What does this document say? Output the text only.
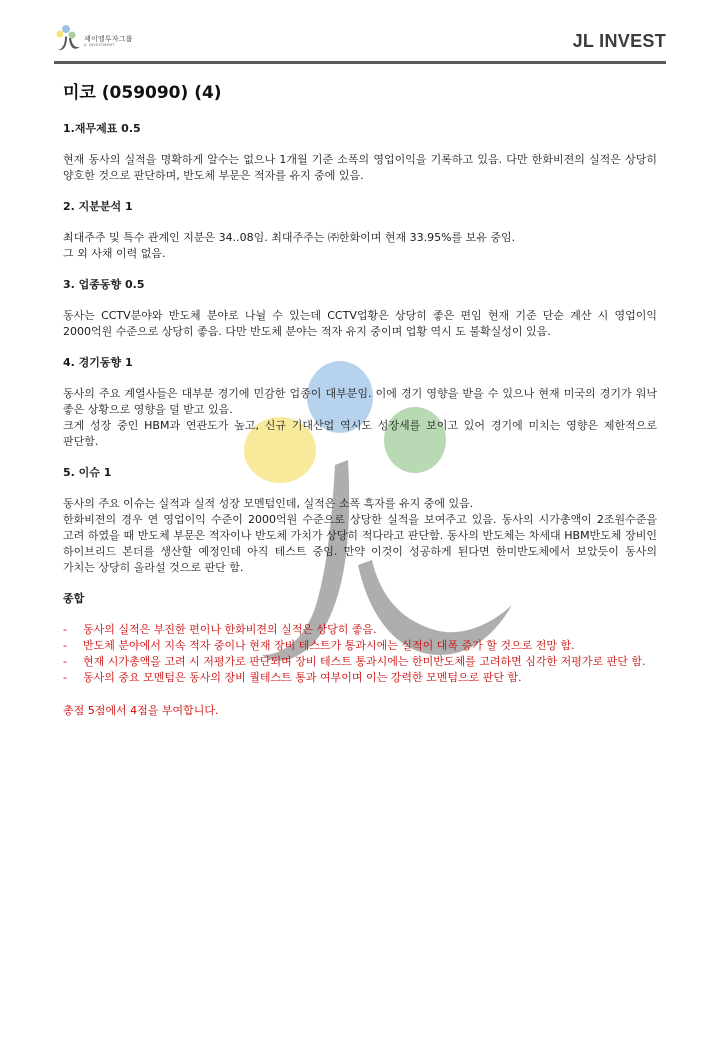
제이엘투자그룹
JL INVESTMENT	JL INVEST
미코 (059090) (4)
1.재무제표 0.5

현재 동사의 실적을 명확하게 알수는 없으나 1개월 기준 소폭의 영업이익을 기록하고 있음. 다만 한화비젼의 실적은 상당히 양호한 것으로 판단하며, 반도체 부문은 적자를 유지 중에 있음.

2. 지분분석 1

최대주주 및 특수 관계인 지분은 34..08임. 최대주주는 ㈜한화이며 현재 33.95%를 보유 중임.

그 외 사채 이력 없음.

3. 업종동향 0.5

동사는 CCTV분야와 반도체 분야로 나뉠 수 있는데 CCTV업황은 상당히 좋은 편임 현재 기준 단순 계산 시 영업이익 2000억원 수준으로 상당히 좋음. 다만 반도체 분야는 적자 유지 중이며 업황 역시 도 불확실성이 있음.

4. 경기동향 1

동사의 주요 계열사들은 대부분 경기에 민감한 업종이 대부분임. 이에 경기 영향을 받을 수 있으나 현재 미국의 경기가 워낙 좋은 상황으로 영향을 덜 받고 있음.

크게 성장 중인 HBM과 연관도가 높고, 신규 기대산업 역시도 성장세를 보이고 있어 경기에 미치는 영향은 제한적으로 판단함.

5. 이슈 1

동사의 주요 이슈는 실적과 실적 성장 모멘텀인데, 실적은 소폭 흑자를 유지 중에 있음.

한화비젼의 경우 연 영업이익 수준이 2000억원 수준으로 상당한 실적을 보여주고 있음. 동사의 시가총액이 2조원수준을 고려 하였을 때 반도체 부문은 적자이나 반도체 가치가 상당히 적다라고 판단함. 동사의 반도체는 차세대 HBM반도체 장비인 하이브리드 본더를 생산할 예정인데 아직 테스트 중임. 만약 이것이 성공하게 된다면 한미반도체에서 보았듯이 동사의 가치는 상당히 올라설 것으로 판단 함.

종합
- 동사의 실적은 부진한 편이나 한화비젼의 실적은 상당히 좋음.
- 반도체 분야에서 지속 적자 중이나 현재 장비 테스트가 통과시에는 실적이 대폭 증가 할 것으로 전망 함.
- 현재 시가총액을 고려 시 저평가로 판단되며 장비 테스트 통과시에는 한미반도체를 고려하면 심각한 저평가로 판단 함.
- 동사의 중요 모멘텀은 동사의 장비 퀄테스트 통과 여부이며 이는 강력한 모멘텀으로 판단 함.
총점 5점에서 4점을 부여합니다.
